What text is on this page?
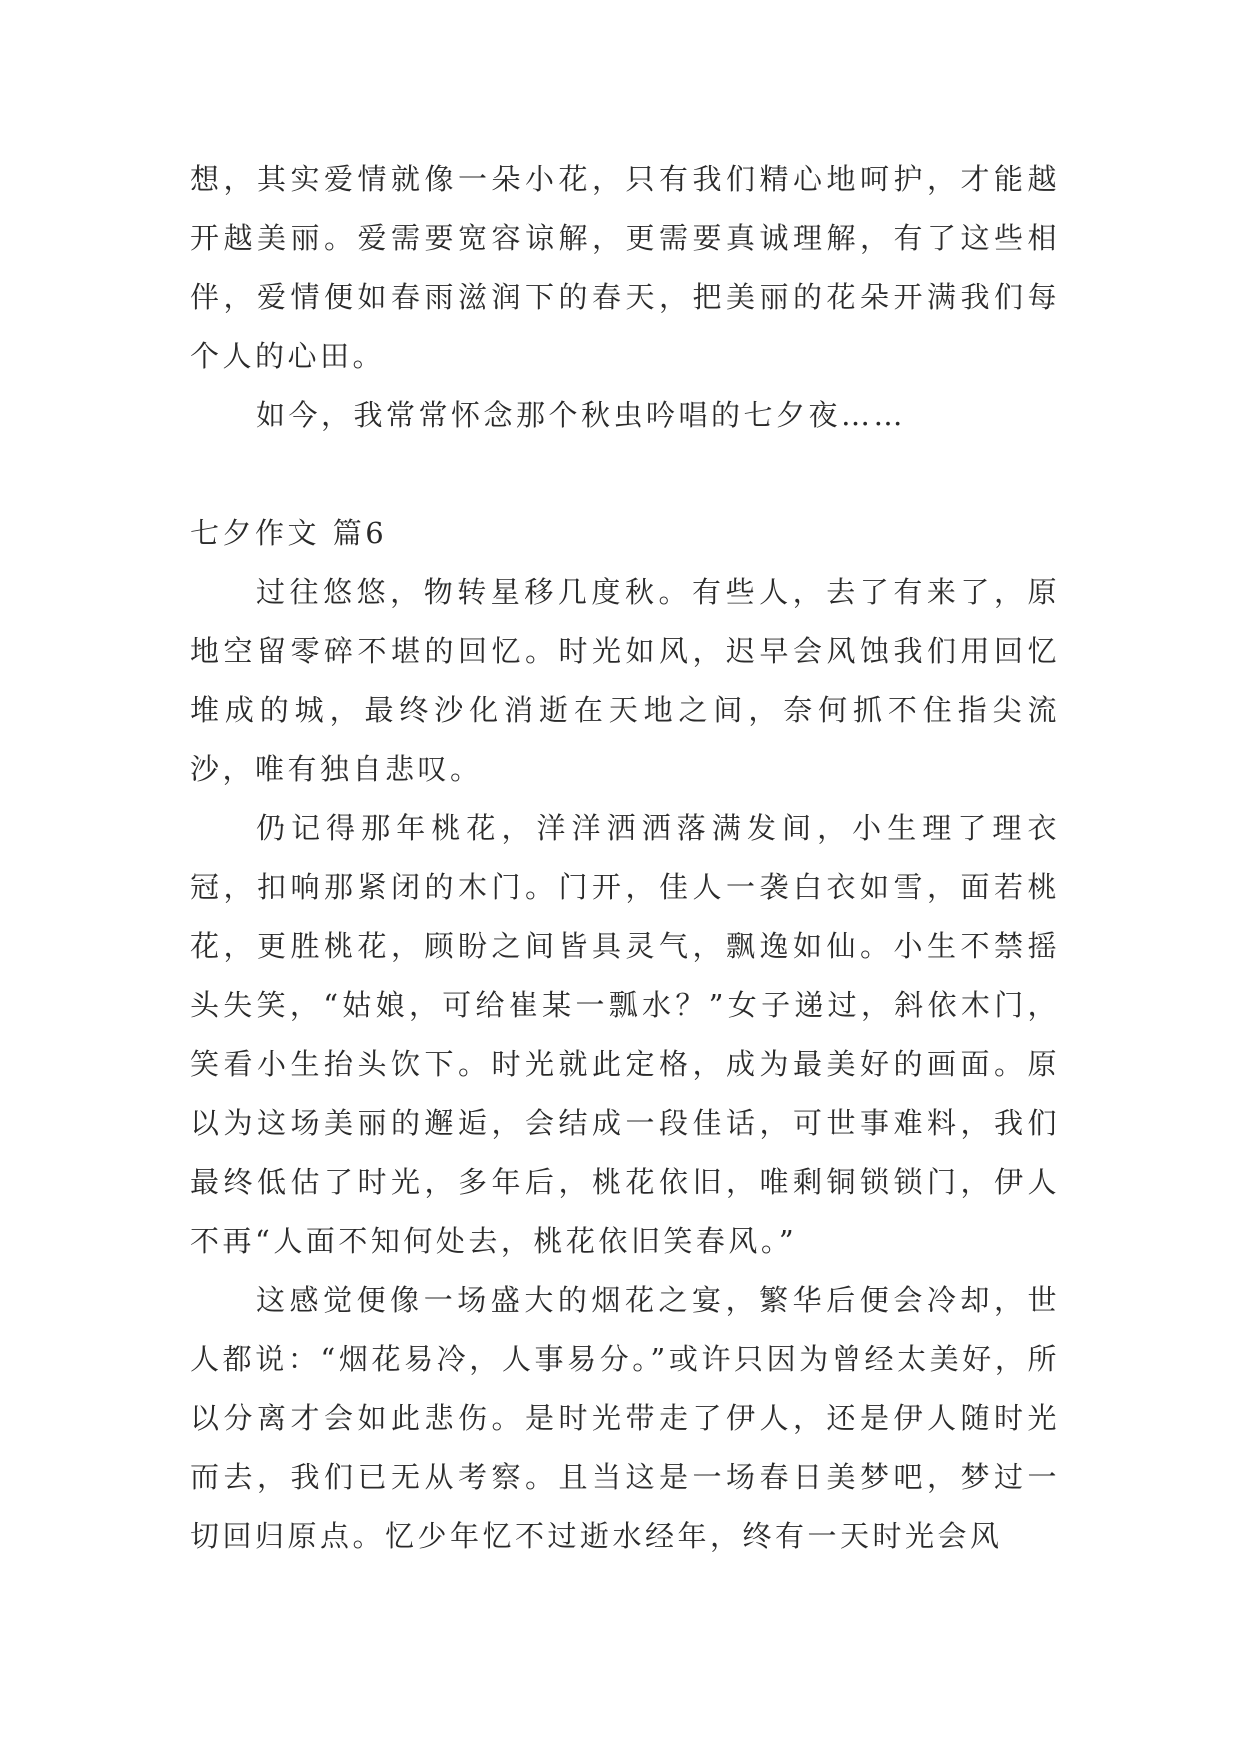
想，其实爱情就像一朵小花，只有我们精心地呵护，才能越开越美丽。爱需要宽容谅解，更需要真诚理解，有了这些相伴，爱情便如春雨滋润下的春天，把美丽的花朵开满我们每个人的心田。

如今，我常常怀念那个秋虫吟唱的七夕夜……

七夕作文 篇6

过往悠悠，物转星移几度秋。有些人，去了有来了，原地空留零碎不堪的回忆。时光如风，迟早会风蚀我们用回忆堆成的城，最终沙化消逝在天地之间，奈何抓不住指尖流沙，唯有独自悲叹。

仍记得那年桃花，洋洋洒洒落满发间，小生理了理衣冠，扣响那紧闭的木门。门开，佳人一袭白衣如雪，面若桃花，更胜桃花，顾盼之间皆具灵气，飘逸如仙。小生不禁摇头失笑，“姑娘，可给崔某一瓢水？”女子递过，斜依木门，笑看小生抬头饮下。时光就此定格，成为最美好的画面。原以为这场美丽的邂逅，会结成一段佳话，可世事难料，我们最终低估了时光，多年后，桃花依旧，唯剩铜锁锁门，伊人不再“人面不知何处去，桃花依旧笑春风。”

这感觉便像一场盛大的烟花之宴，繁华后便会冷却，世人都说：“烟花易冷，人事易分。”或许只因为曾经太美好，所以分离才会如此悲伤。是时光带走了伊人，还是伊人随时光而去，我们已无从考察。且当这是一场春日美梦吧，梦过一切回归原点。忆少年忆不过逝水经年，终有一天时光会风
